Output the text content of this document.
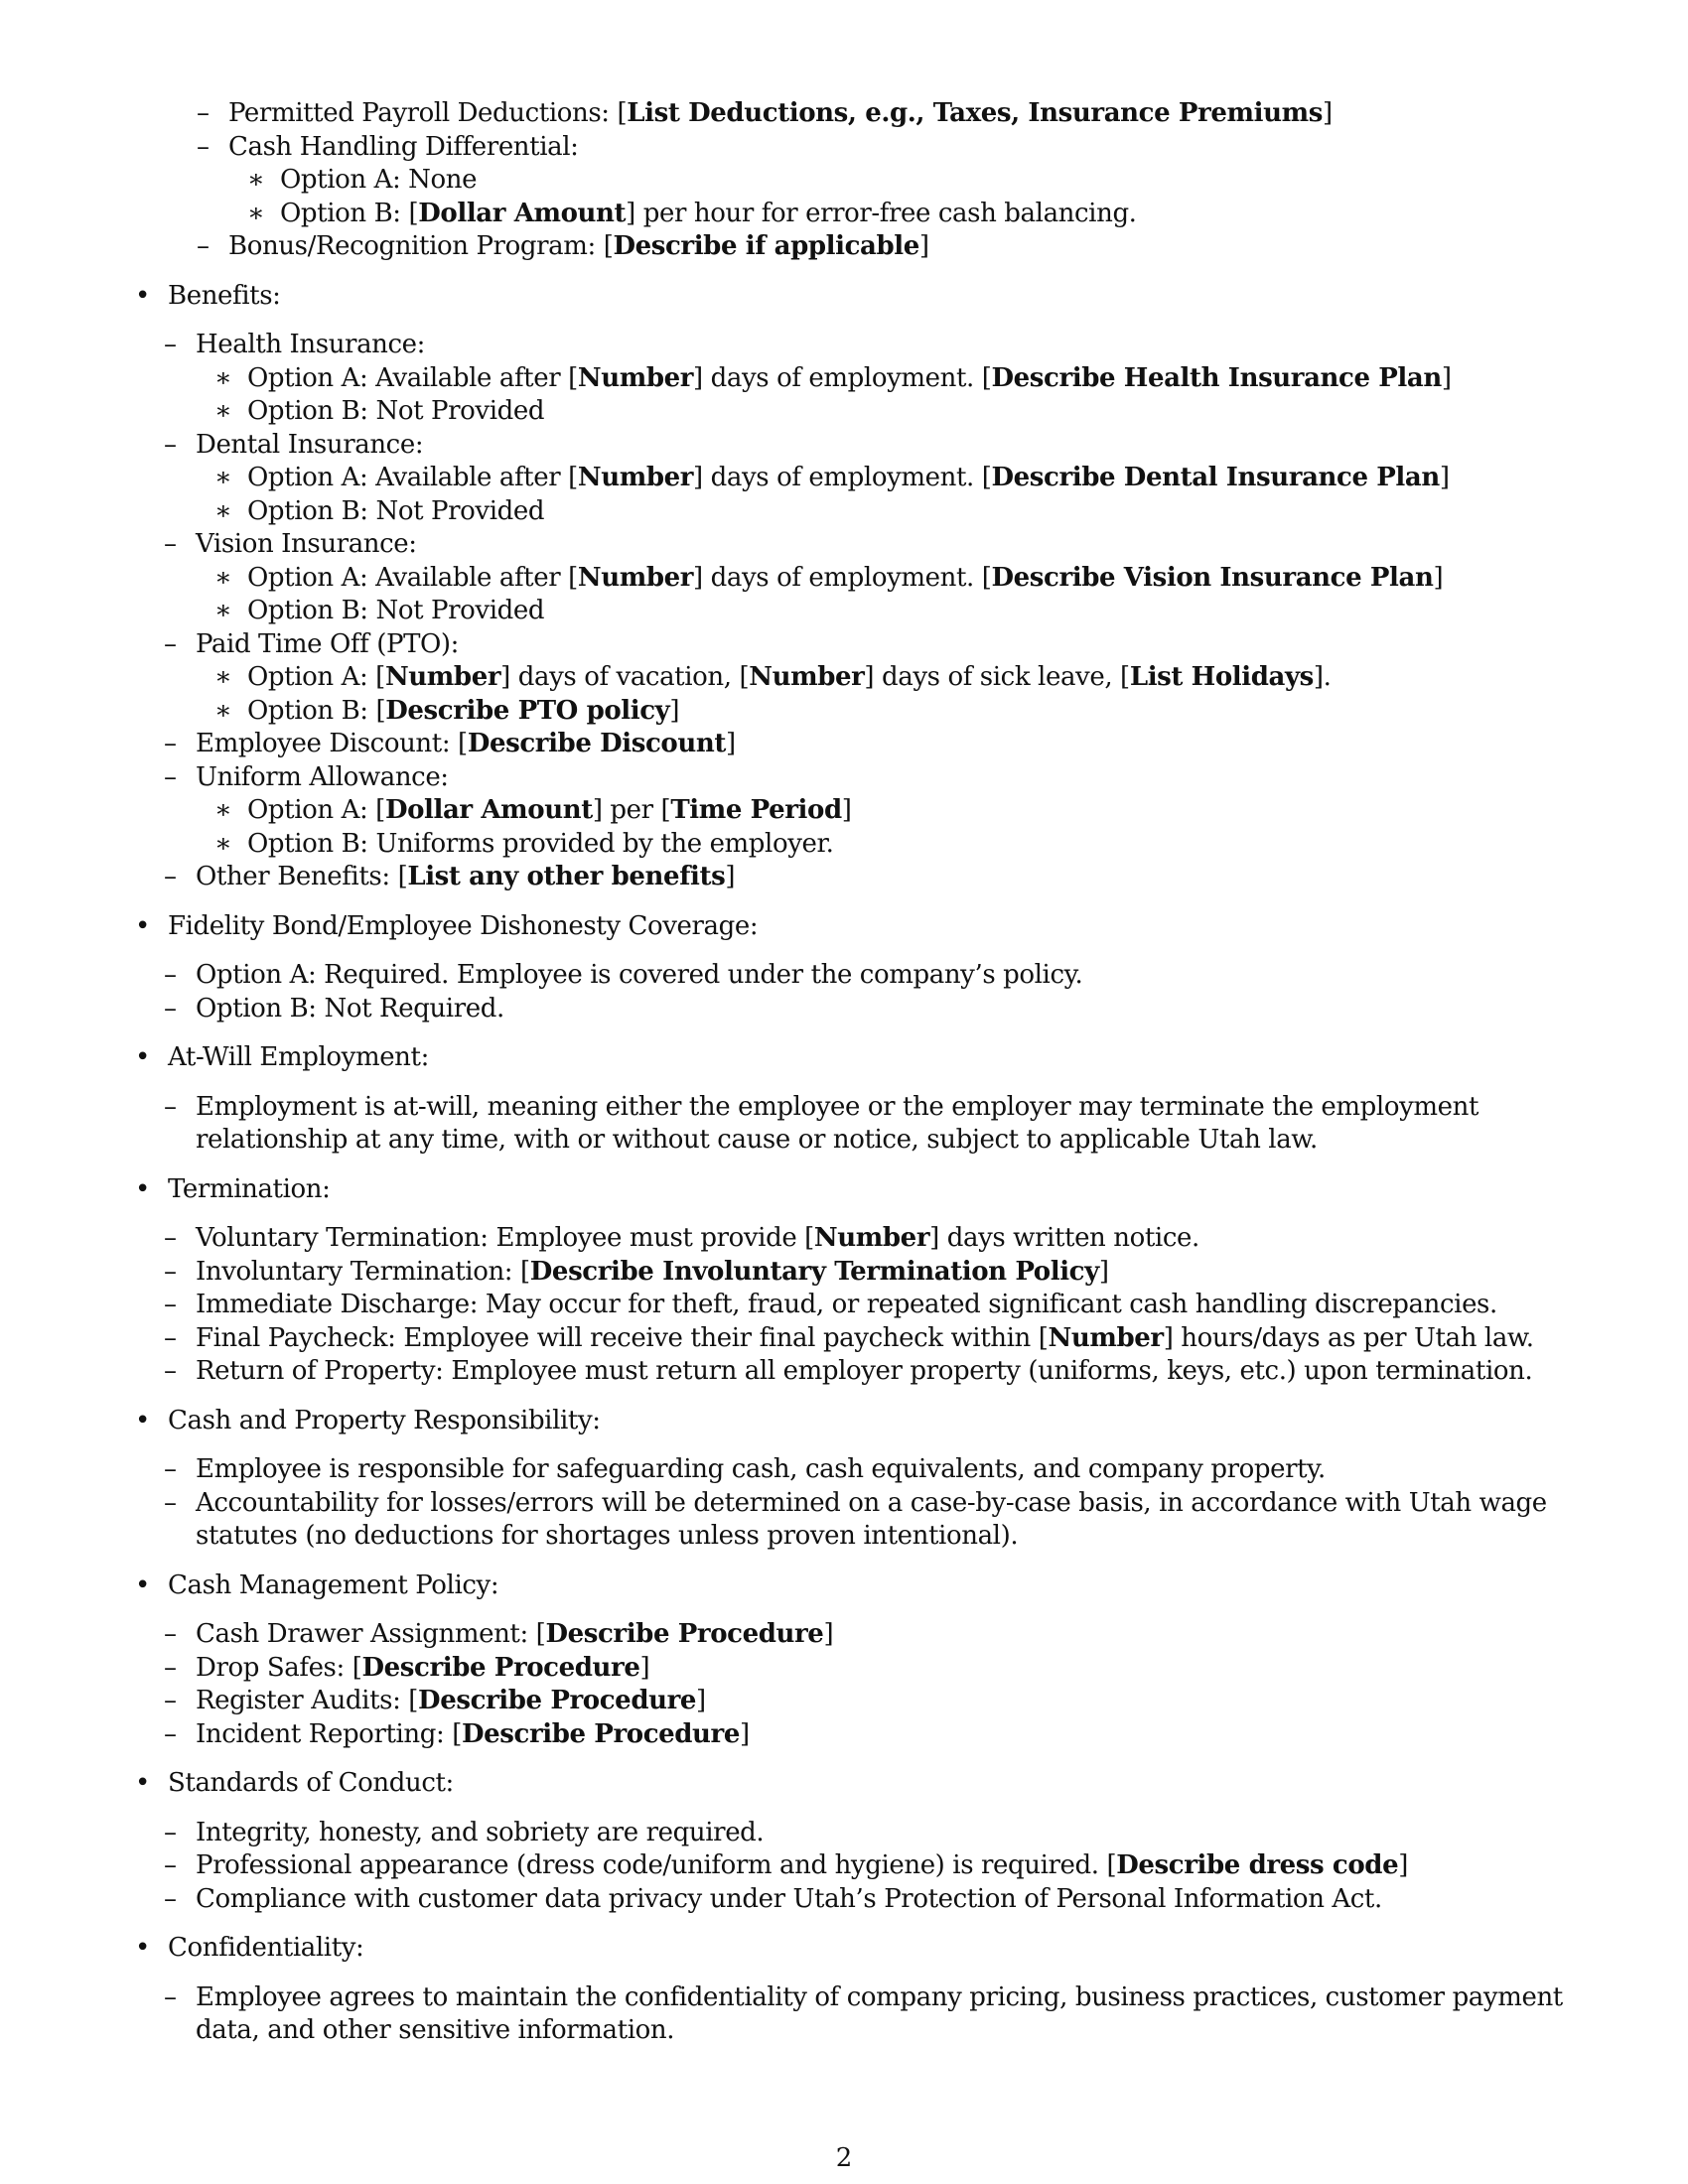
– Permitted Payroll Deductions: [List Deductions, e.g., Taxes, Insurance Premiums]
– Cash Handling Differential:
∗ Option A: None
∗ Option B: [Dollar Amount] per hour for error-free cash balancing.
– Bonus/Recognition Program: [Describe if applicable]
• Benefits:
– Health Insurance:
∗ Option A: Available after [Number] days of employment. [Describe Health Insurance Plan]
∗ Option B: Not Provided
– Dental Insurance:
∗ Option A: Available after [Number] days of employment. [Describe Dental Insurance Plan]
∗ Option B: Not Provided
– Vision Insurance:
∗ Option A: Available after [Number] days of employment. [Describe Vision Insurance Plan]
∗ Option B: Not Provided
– Paid Time Off (PTO):
∗ Option A: [Number] days of vacation, [Number] days of sick leave, [List Holidays].
∗ Option B: [Describe PTO policy]
– Employee Discount: [Describe Discount]
– Uniform Allowance:
∗ Option A: [Dollar Amount] per [Time Period]
∗ Option B: Uniforms provided by the employer.
– Other Benefits: [List any other benefits]
• Fidelity Bond/Employee Dishonesty Coverage:
– Option A: Required. Employee is covered under the company’s policy.
– Option B: Not Required.
• At-Will Employment:
– Employment is at-will, meaning either the employee or the employer may terminate the employment relationship at any time, with or without cause or notice, subject to applicable Utah law.
• Termination:
– Voluntary Termination: Employee must provide [Number] days written notice.
– Involuntary Termination: [Describe Involuntary Termination Policy]
– Immediate Discharge: May occur for theft, fraud, or repeated significant cash handling discrepancies.
– Final Paycheck: Employee will receive their final paycheck within [Number] hours/days as per Utah law.
– Return of Property: Employee must return all employer property (uniforms, keys, etc.) upon termination.
• Cash and Property Responsibility:
– Employee is responsible for safeguarding cash, cash equivalents, and company property.
– Accountability for losses/errors will be determined on a case-by-case basis, in accordance with Utah wage statutes (no deductions for shortages unless proven intentional).
• Cash Management Policy:
– Cash Drawer Assignment: [Describe Procedure]
– Drop Safes: [Describe Procedure]
– Register Audits: [Describe Procedure]
– Incident Reporting: [Describe Procedure]
• Standards of Conduct:
– Integrity, honesty, and sobriety are required.
– Professional appearance (dress code/uniform and hygiene) is required. [Describe dress code]
– Compliance with customer data privacy under Utah’s Protection of Personal Information Act.
• Confidentiality:
– Employee agrees to maintain the confidentiality of company pricing, business practices, customer payment data, and other sensitive information.
2
